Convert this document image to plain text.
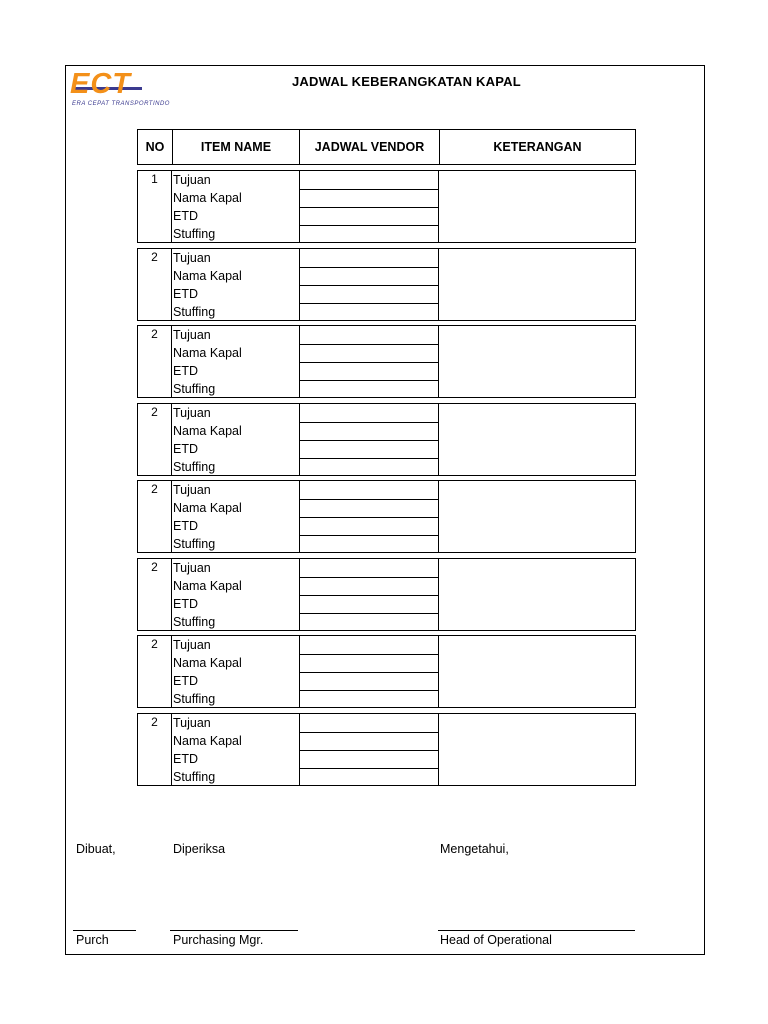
ECT
ERA CEPAT TRANSPORTINDO
JADWAL KEBERANGKATAN KAPAL
NO	ITEM NAME	JADWAL VENDOR	KETERANGAN
1	Tujuan
Nama Kapal
ETD
Stuffing
2	Tujuan
Nama Kapal
ETD
Stuffing
2	Tujuan
Nama Kapal
ETD
Stuffing
2	Tujuan
Nama Kapal
ETD
Stuffing
2	Tujuan
Nama Kapal
ETD
Stuffing
2	Tujuan
Nama Kapal
ETD
Stuffing
2	Tujuan
Nama Kapal
ETD
Stuffing
2	Tujuan
Nama Kapal
ETD
Stuffing
Dibuat,	Diperiksa	Mengetahui,
Purch	Purchasing Mgr.	Head of Operational
